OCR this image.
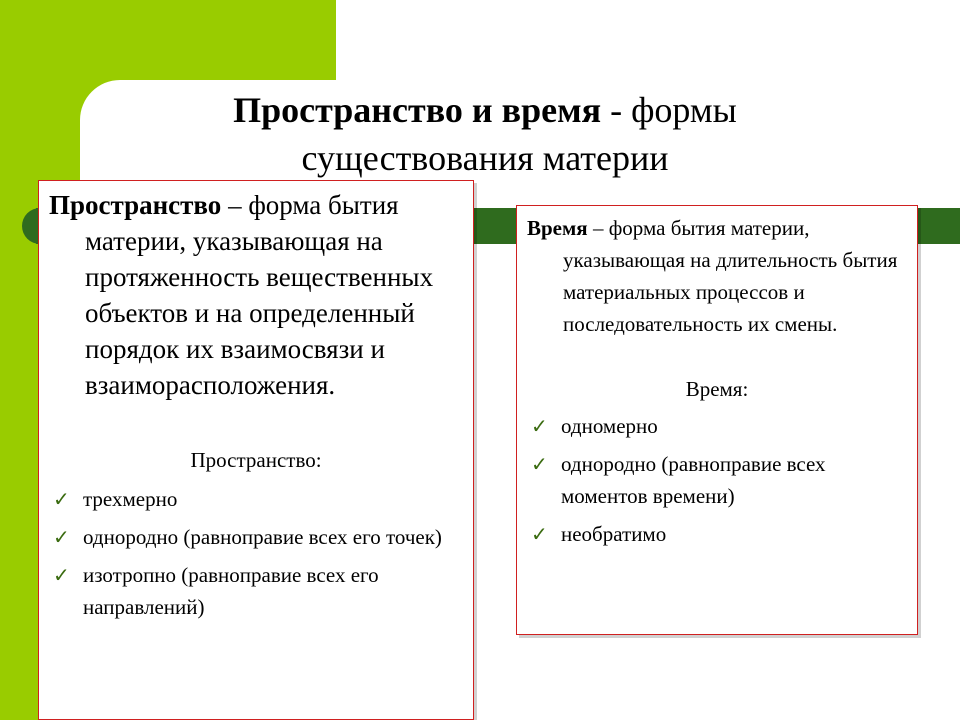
Пространство и время - формы существования материи

Пространство – форма бытия материи, указывающая на протяженность вещественных объектов и на определенный порядок их взаимосвязи и взаиморасположения.

Пространство:
✓ трехмерно
✓ однородно (равноправие всех его точек)
✓ изотропно (равноправие всех его направлений)

Время – форма бытия материи, указывающая на длительность бытия материальных процессов и последовательность их смены.

Время:
✓ одномерно
✓ однородно (равноправие всех моментов времени)
✓ необратимо
